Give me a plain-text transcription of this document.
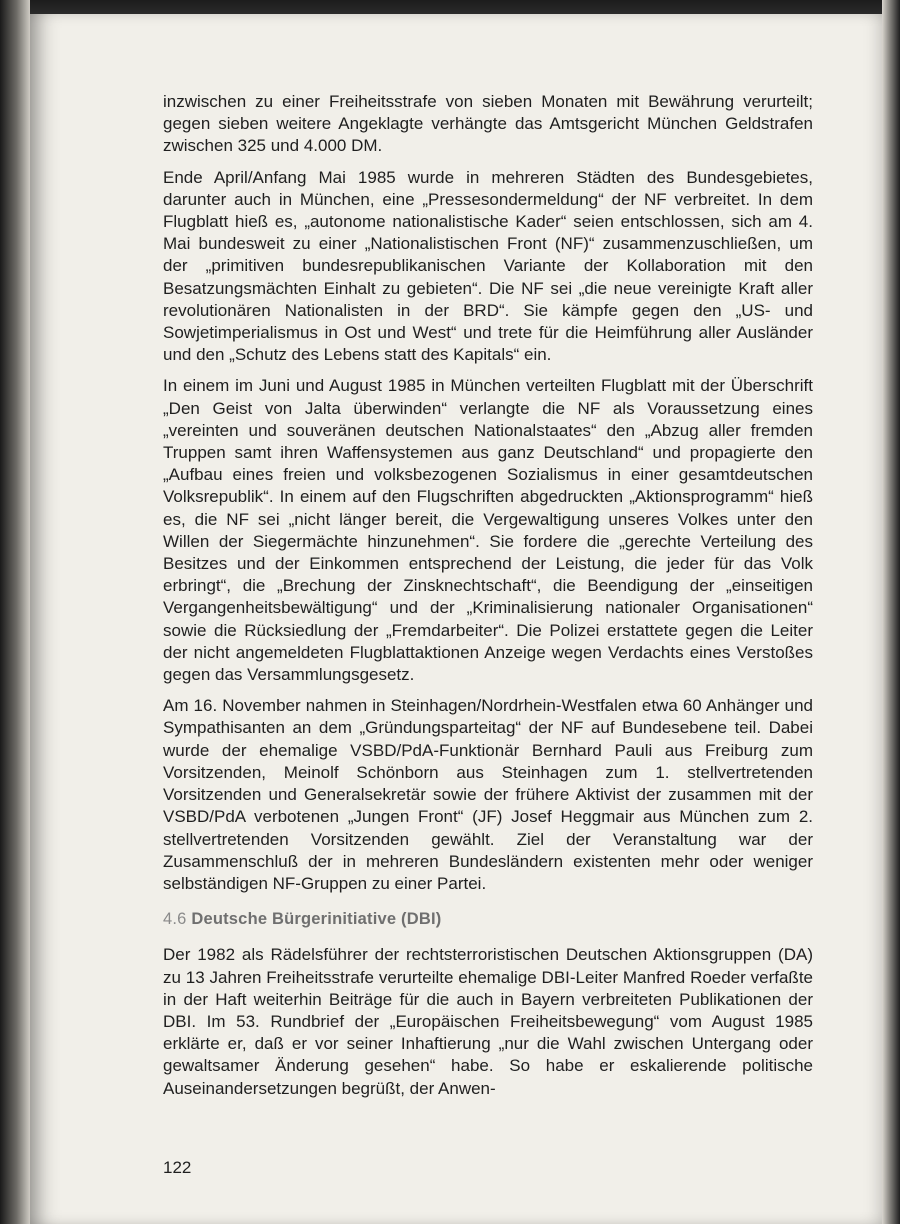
inzwischen zu einer Freiheitsstrafe von sieben Monaten mit Bewährung verurteilt; gegen sieben weitere Angeklagte verhängte das Amtsgericht München Geldstrafen zwischen 325 und 4.000 DM.

Ende April/Anfang Mai 1985 wurde in mehreren Städten des Bundesgebietes, darunter auch in München, eine „Pressesondermeldung“ der NF verbreitet. In dem Flugblatt hieß es, „autonome nationalistische Kader“ seien entschlossen, sich am 4. Mai bundesweit zu einer „Nationalistischen Front (NF)“ zusammenzuschließen, um der „primitiven bundesrepublikanischen Variante der Kollaboration mit den Besatzungsmächten Einhalt zu gebieten“. Die NF sei „die neue vereinigte Kraft aller revolutionären Nationalisten in der BRD“. Sie kämpfe gegen den „US- und Sowjetimperialismus in Ost und West“ und trete für die Heimführung aller Ausländer und den „Schutz des Lebens statt des Kapitals“ ein.

In einem im Juni und August 1985 in München verteilten Flugblatt mit der Überschrift „Den Geist von Jalta überwinden“ verlangte die NF als Voraussetzung eines „vereinten und souveränen deutschen Nationalstaates“ den „Abzug aller fremden Truppen samt ihren Waffensystemen aus ganz Deutschland“ und propagierte den „Aufbau eines freien und volksbezogenen Sozialismus in einer gesamtdeutschen Volksrepublik“. In einem auf den Flugschriften abgedruckten „Aktionsprogramm“ hieß es, die NF sei „nicht länger bereit, die Vergewaltigung unseres Volkes unter den Willen der Siegermächte hinzunehmen“. Sie fordere die „gerechte Verteilung des Besitzes und der Einkommen entsprechend der Leistung, die jeder für das Volk erbringt“, die „Brechung der Zinsknechtschaft“, die Beendigung der „einseitigen Vergangenheitsbewältigung“ und der „Kriminalisierung nationaler Organisationen“ sowie die Rücksiedlung der „Fremdarbeiter“. Die Polizei erstattete gegen die Leiter der nicht angemeldeten Flugblattaktionen Anzeige wegen Verdachts eines Verstoßes gegen das Versammlungsgesetz.

Am 16. November nahmen in Steinhagen/Nordrhein-Westfalen etwa 60 Anhänger und Sympathisanten an dem „Gründungsparteitag“ der NF auf Bundesebene teil. Dabei wurde der ehemalige VSBD/PdA-Funktionär Bernhard Pauli aus Freiburg zum Vorsitzenden, Meinolf Schönborn aus Steinhagen zum 1. stellvertretenden Vorsitzenden und Generalsekretär sowie der frühere Aktivist der zusammen mit der VSBD/PdA verbotenen „Jungen Front“ (JF) Josef Heggmair aus München zum 2. stellvertretenden Vorsitzenden gewählt. Ziel der Veranstaltung war der Zusammenschluß der in mehreren Bundesländern existenten mehr oder weniger selbständigen NF-Gruppen zu einer Partei.

4.6 Deutsche Bürgerinitiative (DBI)

Der 1982 als Rädelsführer der rechtsterroristischen Deutschen Aktionsgruppen (DA) zu 13 Jahren Freiheitsstrafe verurteilte ehemalige DBI-Leiter Manfred Roeder verfaßte in der Haft weiterhin Beiträge für die auch in Bayern verbreiteten Publikationen der DBI. Im 53. Rundbrief der „Europäischen Freiheitsbewegung“ vom August 1985 erklärte er, daß er vor seiner Inhaftierung „nur die Wahl zwischen Untergang oder gewaltsamer Änderung gesehen“ habe. So habe er eskalierende politische Auseinandersetzungen begrüßt, der Anwen-

122
